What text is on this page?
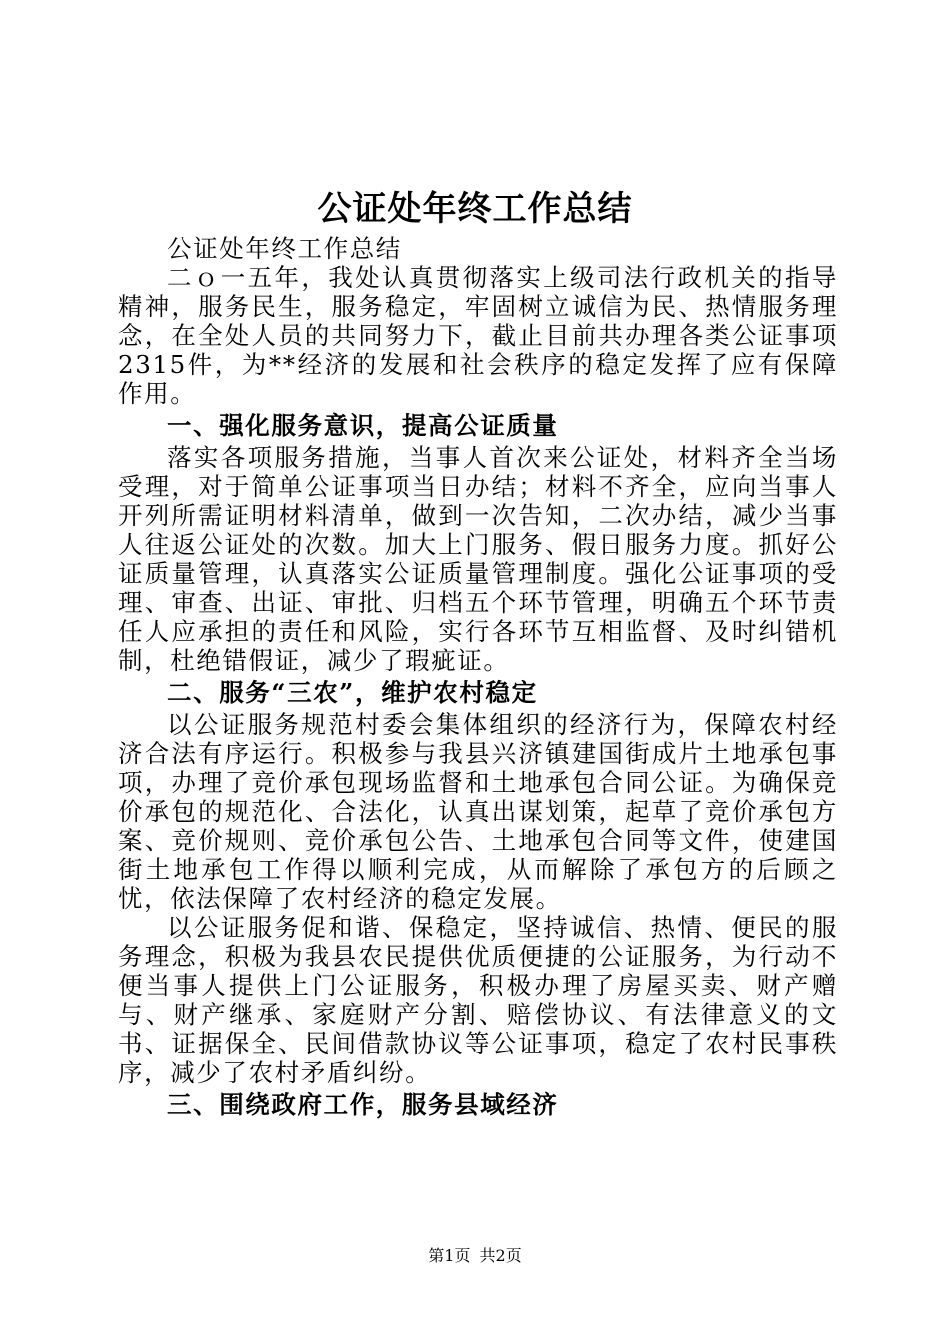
公证处年终工作总结

公证处年终工作总结

二ｏ一五年，我处认真贯彻落实上级司法行政机关的指导精神，服务民生，服务稳定，牢固树立诚信为民、热情服务理念，在全处人员的共同努力下，截止目前共办理各类公证事项2315件，为**经济的发展和社会秩序的稳定发挥了应有保障作用。

一、强化服务意识，提高公证质量

落实各项服务措施，当事人首次来公证处，材料齐全当场受理，对于简单公证事项当日办结；材料不齐全，应向当事人开列所需证明材料清单，做到一次告知，二次办结，减少当事人往返公证处的次数。加大上门服务、假日服务力度。抓好公证质量管理，认真落实公证质量管理制度。强化公证事项的受理、审查、出证、审批、归档五个环节管理，明确五个环节责任人应承担的责任和风险，实行各环节互相监督、及时纠错机制，杜绝错假证，减少了瑕疵证。

二、服务“三农”，维护农村稳定

以公证服务规范村委会集体组织的经济行为，保障农村经济合法有序运行。积极参与我县兴济镇建国街成片土地承包事项，办理了竞价承包现场监督和土地承包合同公证。为确保竞价承包的规范化、合法化，认真出谋划策，起草了竞价承包方案、竞价规则、竞价承包公告、土地承包合同等文件，使建国街土地承包工作得以顺利完成，从而解除了承包方的后顾之忧，依法保障了农村经济的稳定发展。

以公证服务促和谐、保稳定，坚持诚信、热情、便民的服务理念，积极为我县农民提供优质便捷的公证服务，为行动不便当事人提供上门公证服务，积极办理了房屋买卖、财产赠与、财产继承、家庭财产分割、赔偿协议、有法律意义的文书、证据保全、民间借款协议等公证事项，稳定了农村民事秩序，减少了农村矛盾纠纷。

三、围绕政府工作，服务县域经济

第1页 共2页
